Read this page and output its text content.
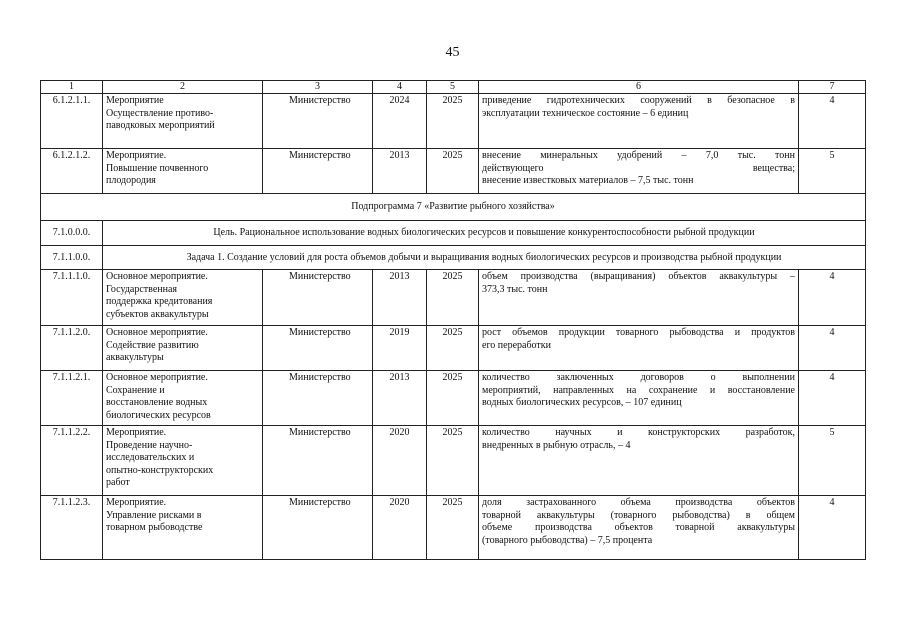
45
1	2	3	4	5	6	7
6.1.2.1.1.	Мероприятие
Осуществление противо-
паводковых мероприятий	Министерство	2024	2025	приведение гидротехнических сооружений в безопасное в
эксплуатации техническое состояние – 6 единиц	4
6.1.2.1.2.	Мероприятие.
Повышение почвенного
плодородия	Министерство	2013	2025	внесение минеральных удобрений – 7,0 тыс. тонн
действующего вещества;
внесение известковых материалов – 7,5 тыс. тонн	5
Подпрограмма 7 «Развитие рыбного хозяйства»						
7.1.0.0.0.	Цель. Рациональное использование водных биологических ресурсов и повышение конкурентоспособности рыбной продукции					
7.1.1.0.0.	Задача 1. Создание условий для роста объемов добычи и выращивания водных биологических ресурсов и производства рыбной продукции					
7.1.1.1.0.	Основное мероприятие.
Государственная
поддержка кредитования
субъектов аквакультуры	Министерство	2013	2025	объем производства (выращивания) объектов аквакультуры –
373,3 тыс. тонн	4
7.1.1.2.0.	Основное мероприятие.
Содействие развитию
аквакультуры	Министерство	2019	2025	рост объемов продукции товарного рыбоводства и продуктов
его переработки	4
7.1.1.2.1.	Основное мероприятие.
Сохранение и
восстановление водных
биологических ресурсов	Министерство	2013	2025	количество заключенных договоров о выполнении
мероприятий, направленных на сохранение и восстановление
водных биологических ресурсов, – 107 единиц	4
7.1.1.2.2.	Мероприятие.
Проведение научно-
исследовательских и
опытно-конструкторских
работ	Министерство	2020	2025	количество научных и конструкторских разработок,
внедренных в рыбную отрасль, – 4	5
7.1.1.2.3.	Мероприятие.
Управление рисками в
товарном рыбоводстве	Министерство	2020	2025	доля застрахованного объема производства объектов
товарной аквакультуры (товарного рыбоводства) в общем
объеме производства объектов товарной аквакультуры
(товарного рыбоводства) – 7,5 процента	4
